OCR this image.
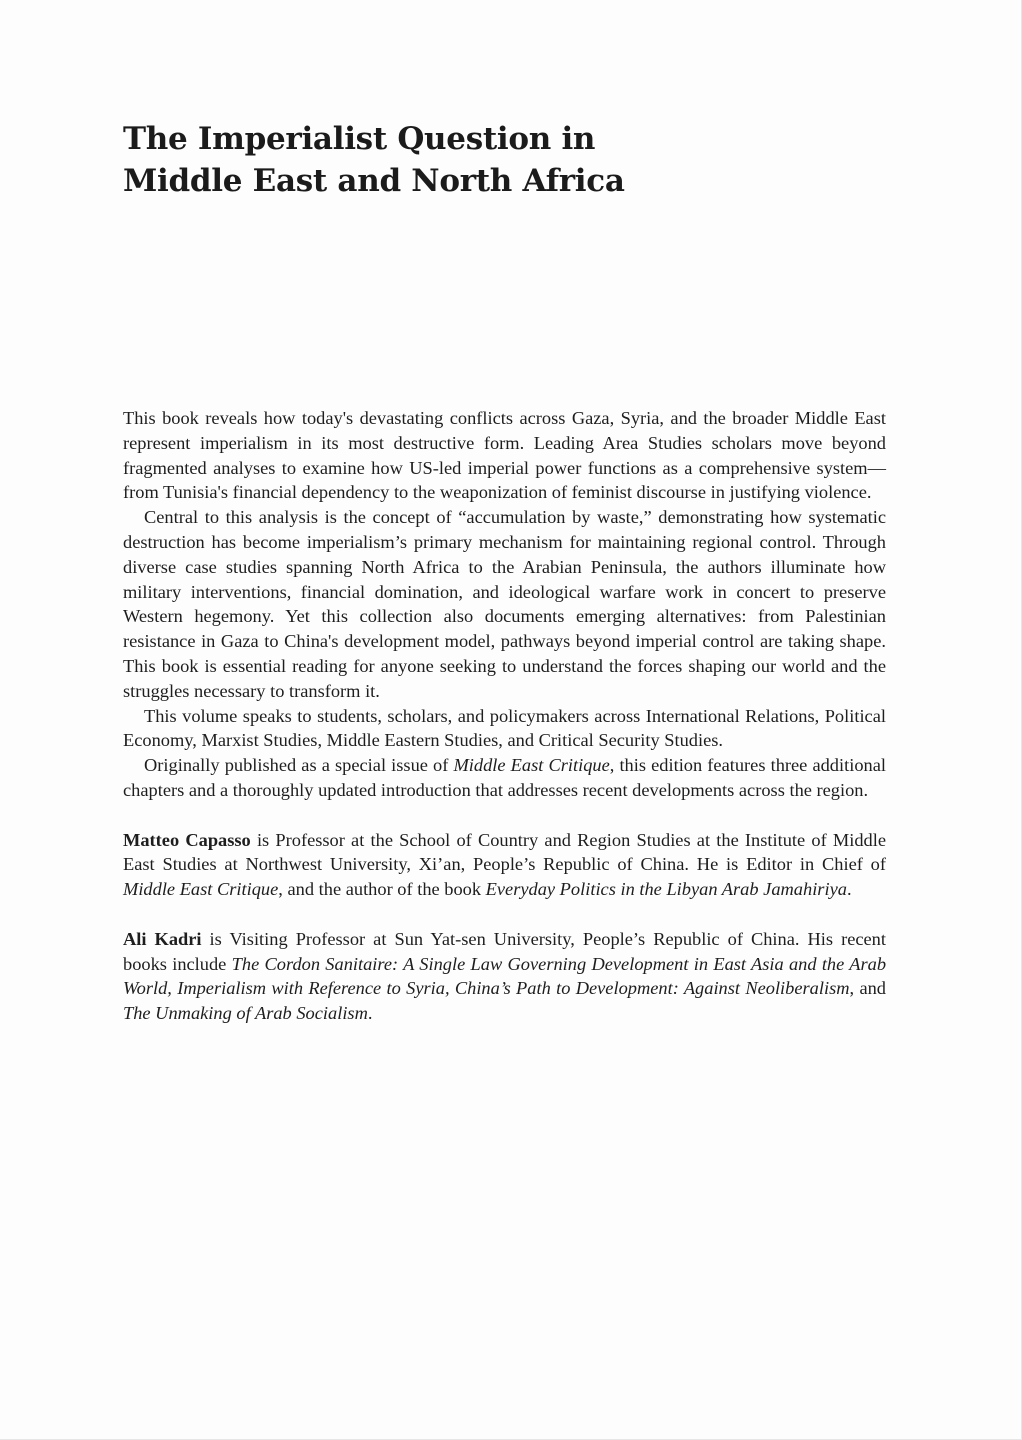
The Imperialist Question in
Middle East and North Africa

This book reveals how today's devastating conflicts across Gaza, Syria, and the broader Middle East represent imperialism in its most destructive form. Leading Area Studies scholars move beyond fragmented analyses to examine how US-led imperial power functions as a comprehensive system—from Tunisia's financial dependency to the weaponization of feminist discourse in justifying violence.

Central to this analysis is the concept of “accumulation by waste,” demonstrating how systematic destruction has become imperialism’s primary mechanism for maintaining regional control. Through diverse case studies spanning North Africa to the Arabian Peninsula, the authors illuminate how military interventions, financial domination, and ideological warfare work in concert to preserve Western hegemony. Yet this collection also documents emerging alternatives: from Palestinian resistance in Gaza to China's development model, pathways beyond imperial control are taking shape. This book is essential reading for anyone seeking to understand the forces shaping our world and the struggles necessary to transform it.

This volume speaks to students, scholars, and policymakers across International Relations, Political Economy, Marxist Studies, Middle Eastern Studies, and Critical Security Studies.

Originally published as a special issue of Middle East Critique, this edition features three additional chapters and a thoroughly updated introduction that addresses recent developments across the region.

Matteo Capasso is Professor at the School of Country and Region Studies at the Institute of Middle East Studies at Northwest University, Xi’an, People’s Republic of China. He is Editor in Chief of Middle East Critique, and the author of the book Everyday Politics in the Libyan Arab Jamahiriya.

Ali Kadri is Visiting Professor at Sun Yat-sen University, People’s Republic of China. His recent books include The Cordon Sanitaire: A Single Law Governing Development in East Asia and the Arab World, Imperialism with Reference to Syria, China’s Path to Development: Against Neoliberalism, and The Unmaking of Arab Socialism.
